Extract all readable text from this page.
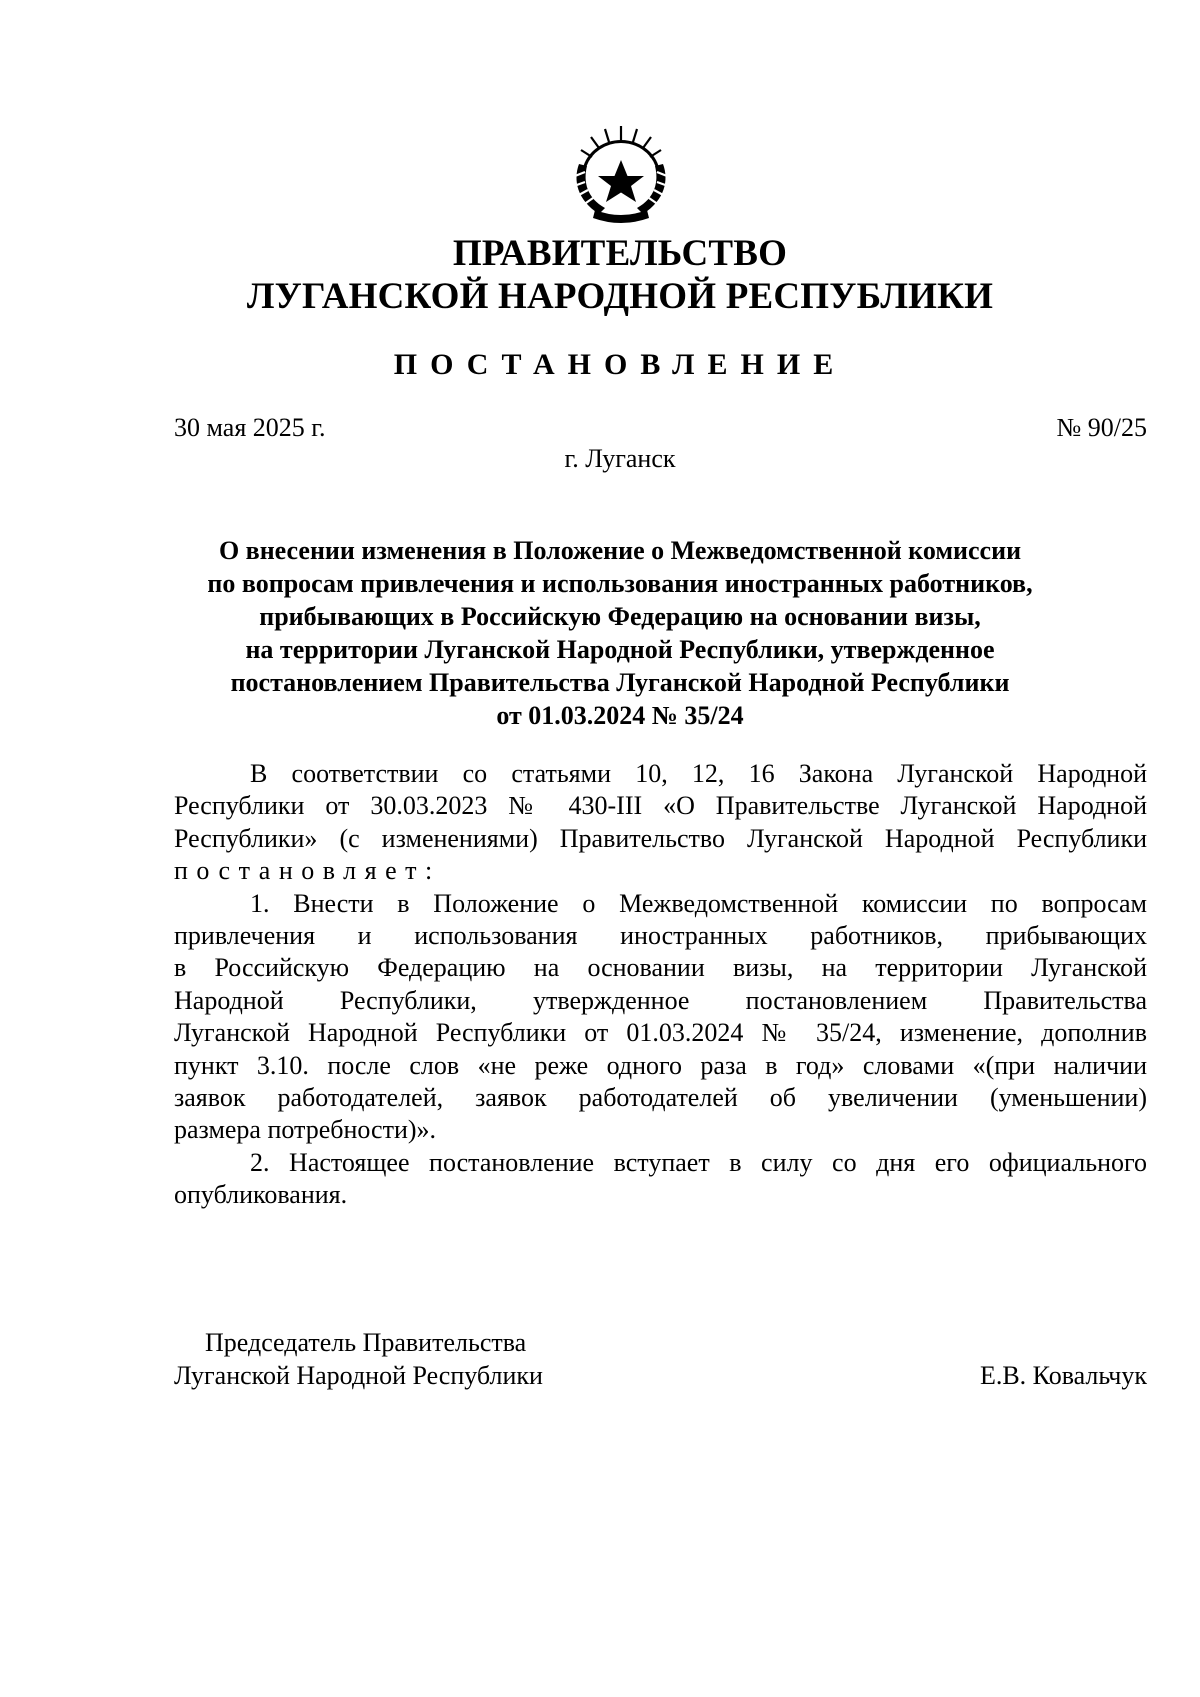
ПРАВИТЕЛЬСТВО
ЛУГАНСКОЙ НАРОДНОЙ РЕСПУБЛИКИ
ПОСТАНОВЛЕНИЕ
30 мая 2025 г.	№ 90/25
г. Луганск
О внесении изменения в Положение о Межведомственной комиссии
по вопросам привлечения и использования иностранных работников,
прибывающих в Российскую Федерацию на основании визы,
на территории Луганской Народной Республики, утвержденное
постановлением Правительства Луганской Народной Республики
от 01.03.2024 № 35/24
В соответствии со статьями 10, 12, 16 Закона Луганской Народной
Республики от 30.03.2023 № 430-III «О Правительстве Луганской Народной
Республики» (с изменениями) Правительство Луганской Народной Республики
постановляет:
1. Внести в Положение о Межведомственной комиссии по вопросам
привлечения и использования иностранных работников, прибывающих
в Российскую Федерацию на основании визы, на территории Луганской
Народной Республики, утвержденное постановлением Правительства
Луганской Народной Республики от 01.03.2024 № 35/24, изменение, дополнив
пункт 3.10. после слов «не реже одного раза в год» словами «(при наличии
заявок работодателей, заявок работодателей об увеличении (уменьшении)
размера потребности)».
2. Настоящее постановление вступает в силу со дня его официального
опубликования.
Председатель Правительства
Луганской Народной Республики	Е.В. Ковальчук
